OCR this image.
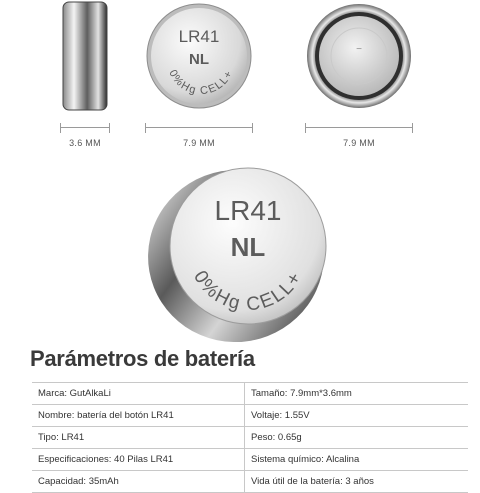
LR41
NL
0%Hg CELL+
−
3.6 MM	7.9 MM	7.9 MM
LR41
NL
0%Hg CELL+
Parámetros de batería
Marca: GutAlkaLi	Tamaño: 7.9mm*3.6mm
Nombre: batería del botón LR41	Voltaje: 1.55V
Tipo: LR41	Peso: 0.65g
Especificaciones: 40 Pilas LR41	Sistema químico: Alcalina
Capacidad: 35mAh	Vida útil de la batería: 3 años
